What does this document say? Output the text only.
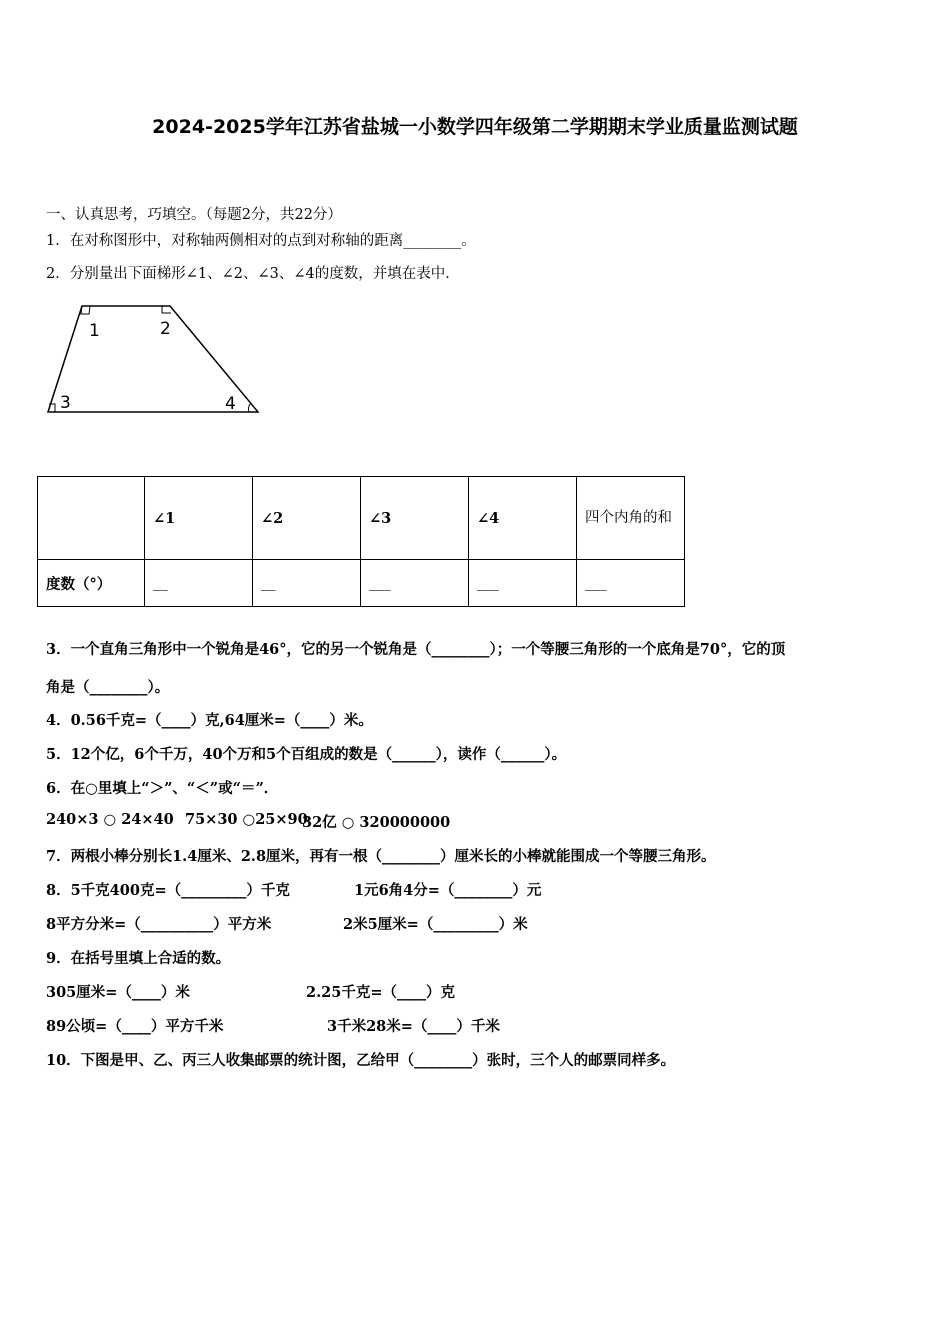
2024-2025学年江苏省盐城一小数学四年级第二学期期末学业质量监测试题
一、认真思考，巧填空。（每题2分，共22分）
1．在对称图形中，对称轴两侧相对的点到对称轴的距离________。
2．分别量出下面梯形∠1、∠2、∠3、∠4的度数，并填在表中．
1	2
3	4
	∠1	∠2	∠3	∠4	四个内角的和
度数（°）	__	__	___	___	___
3．一个直角三角形中一个锐角是46°，它的另一个锐角是（________）；一个等腰三角形的一个底角是70°，它的顶
角是（________）。
4．0.56千克=（____）克,64厘米=（____）米。
5．12个亿，6个千万，40个万和5个百组成的数是（______），读作（______）。
6．在○里填上“＞”、“＜”或“＝”．
240×3 ○ 24×40 75×30 ○25×90
32亿 ○ 320000000
7．两根小棒分别长1.4厘米、2.8厘米，再有一根（________）厘米长的小棒就能围成一个等腰三角形。
8．5千克400克=（_________）千克	1元6角4分=（________）元
8平方分米=（__________）平方米	2米5厘米=（_________）米
9．在括号里填上合适的数。
305厘米=（____）米	2.25千克=（____）克
89公顷=（____）平方千米	3千米28米=（____）千米
10．下图是甲、乙、丙三人收集邮票的统计图，乙给甲（________）张时，三个人的邮票同样多。
